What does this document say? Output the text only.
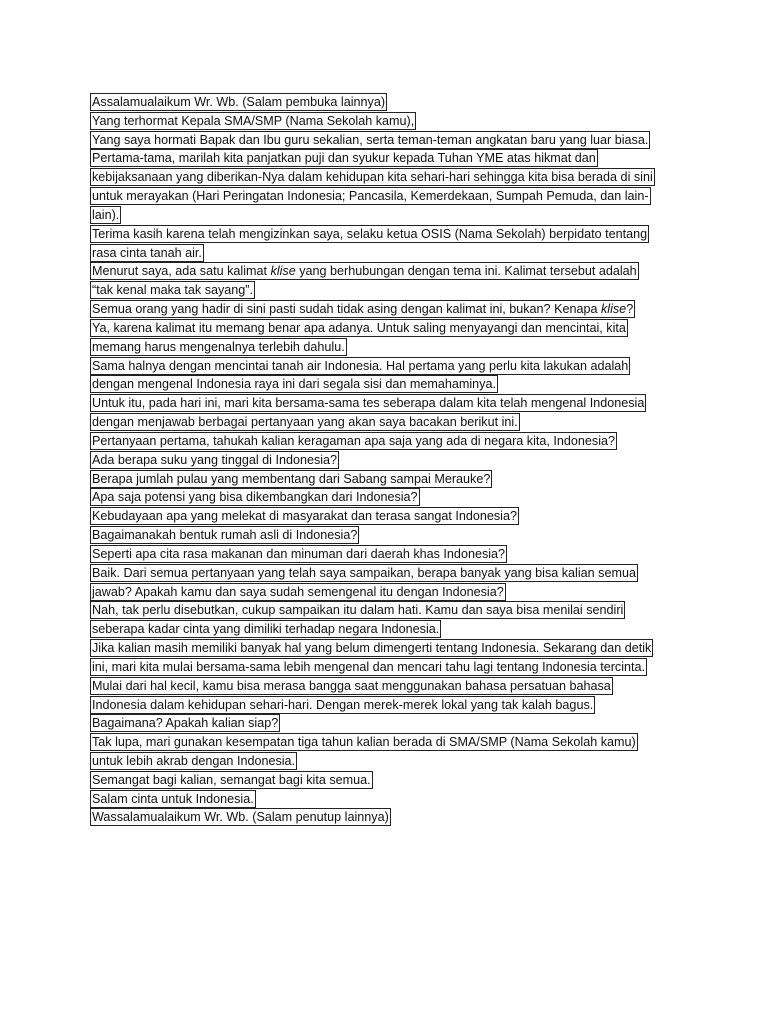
Assalamualaikum Wr. Wb. (Salam pembuka lainnya)
Yang terhormat Kepala SMA/SMP (Nama Sekolah kamu),
Yang saya hormati Bapak dan Ibu guru sekalian, serta teman-teman angkatan baru yang luar biasa.
Pertama-tama, marilah kita panjatkan puji dan syukur kepada Tuhan YME atas hikmat dan
kebijaksanaan yang diberikan-Nya dalam kehidupan kita sehari-hari sehingga kita bisa berada di sini
untuk merayakan (Hari Peringatan Indonesia; Pancasila, Kemerdekaan, Sumpah Pemuda, dan lain-
lain).
Terima kasih karena telah mengizinkan saya, selaku ketua OSIS (Nama Sekolah) berpidato tentang
rasa cinta tanah air.
Menurut saya, ada satu kalimat klise yang berhubungan dengan tema ini. Kalimat tersebut adalah
“tak kenal maka tak sayang”.
Semua orang yang hadir di sini pasti sudah tidak asing dengan kalimat ini, bukan? Kenapa klise?
Ya, karena kalimat itu memang benar apa adanya. Untuk saling menyayangi dan mencintai, kita
memang harus mengenalnya terlebih dahulu.
Sama halnya dengan mencintai tanah air Indonesia. Hal pertama yang perlu kita lakukan adalah
dengan mengenal Indonesia raya ini dari segala sisi dan memahaminya.
Untuk itu, pada hari ini, mari kita bersama-sama tes seberapa dalam kita telah mengenal Indonesia
dengan menjawab berbagai pertanyaan yang akan saya bacakan berikut ini.
Pertanyaan pertama, tahukah kalian keragaman apa saja yang ada di negara kita, Indonesia?
Ada berapa suku yang tinggal di Indonesia?
Berapa jumlah pulau yang membentang dari Sabang sampai Merauke?
Apa saja potensi yang bisa dikembangkan dari Indonesia?
Kebudayaan apa yang melekat di masyarakat dan terasa sangat Indonesia?
Bagaimanakah bentuk rumah asli di Indonesia?
Seperti apa cita rasa makanan dan minuman dari daerah khas Indonesia?
Baik. Dari semua pertanyaan yang telah saya sampaikan, berapa banyak yang bisa kalian semua
jawab? Apakah kamu dan saya sudah semengenal itu dengan Indonesia?
Nah, tak perlu disebutkan, cukup sampaikan itu dalam hati. Kamu dan saya bisa menilai sendiri
seberapa kadar cinta yang dimiliki terhadap negara Indonesia.
Jika kalian masih memiliki banyak hal yang belum dimengerti tentang Indonesia. Sekarang dan detik
ini, mari kita mulai bersama-sama lebih mengenal dan mencari tahu lagi tentang Indonesia tercinta.
Mulai dari hal kecil, kamu bisa merasa bangga saat menggunakan bahasa persatuan bahasa
Indonesia dalam kehidupan sehari-hari. Dengan merek-merek lokal yang tak kalah bagus.
Bagaimana? Apakah kalian siap?
Tak lupa, mari gunakan kesempatan tiga tahun kalian berada di SMA/SMP (Nama Sekolah kamu)
untuk lebih akrab dengan Indonesia.
Semangat bagi kalian, semangat bagi kita semua.
Salam cinta untuk Indonesia.
Wassalamualaikum Wr. Wb. (Salam penutup lainnya)
